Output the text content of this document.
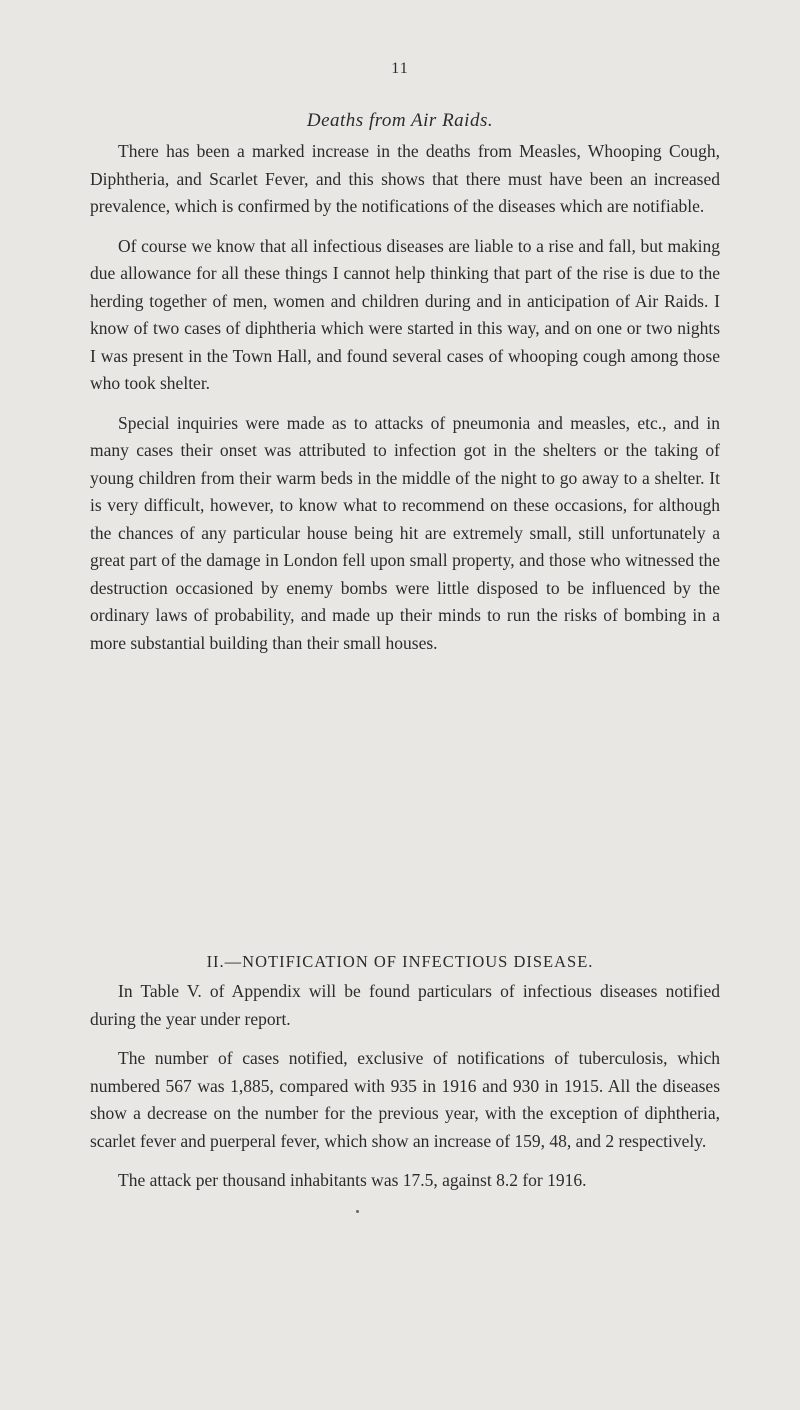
11
Deaths from Air Raids.

There has been a marked increase in the deaths from Measles, Whooping Cough, Diphtheria, and Scarlet Fever, and this shows that there must have been an increased prevalence, which is confirmed by the notifications of the diseases which are notifiable.

Of course we know that all infectious diseases are liable to a rise and fall, but making due allowance for all these things I cannot help thinking that part of the rise is due to the herding together of men, women and children during and in anticipation of Air Raids. I know of two cases of diphtheria which were started in this way, and on one or two nights I was present in the Town Hall, and found several cases of whooping cough among those who took shelter.

Special inquiries were made as to attacks of pneumonia and measles, etc., and in many cases their onset was attributed to infection got in the shelters or the taking of young children from their warm beds in the middle of the night to go away to a shelter. It is very difficult, however, to know what to recommend on these occasions, for although the chances of any particular house being hit are extremely small, still unfortunately a great part of the damage in London fell upon small property, and those who witnessed the destruction occasioned by enemy bombs were little disposed to be influenced by the ordinary laws of probability, and made up their minds to run the risks of bombing in a more substantial building than their small houses.

II.—NOTIFICATION OF INFECTIOUS DISEASE.

In Table V. of Appendix will be found particulars of infectious diseases notified during the year under report.

The number of cases notified, exclusive of notifications of tuberculosis, which numbered 567 was 1,885, compared with 935 in 1916 and 930 in 1915. All the diseases show a decrease on the number for the previous year, with the exception of diphtheria, scarlet fever and puerperal fever, which show an increase of 159, 48, and 2 respectively.

The attack per thousand inhabitants was 17.5, against 8.2 for 1916.
